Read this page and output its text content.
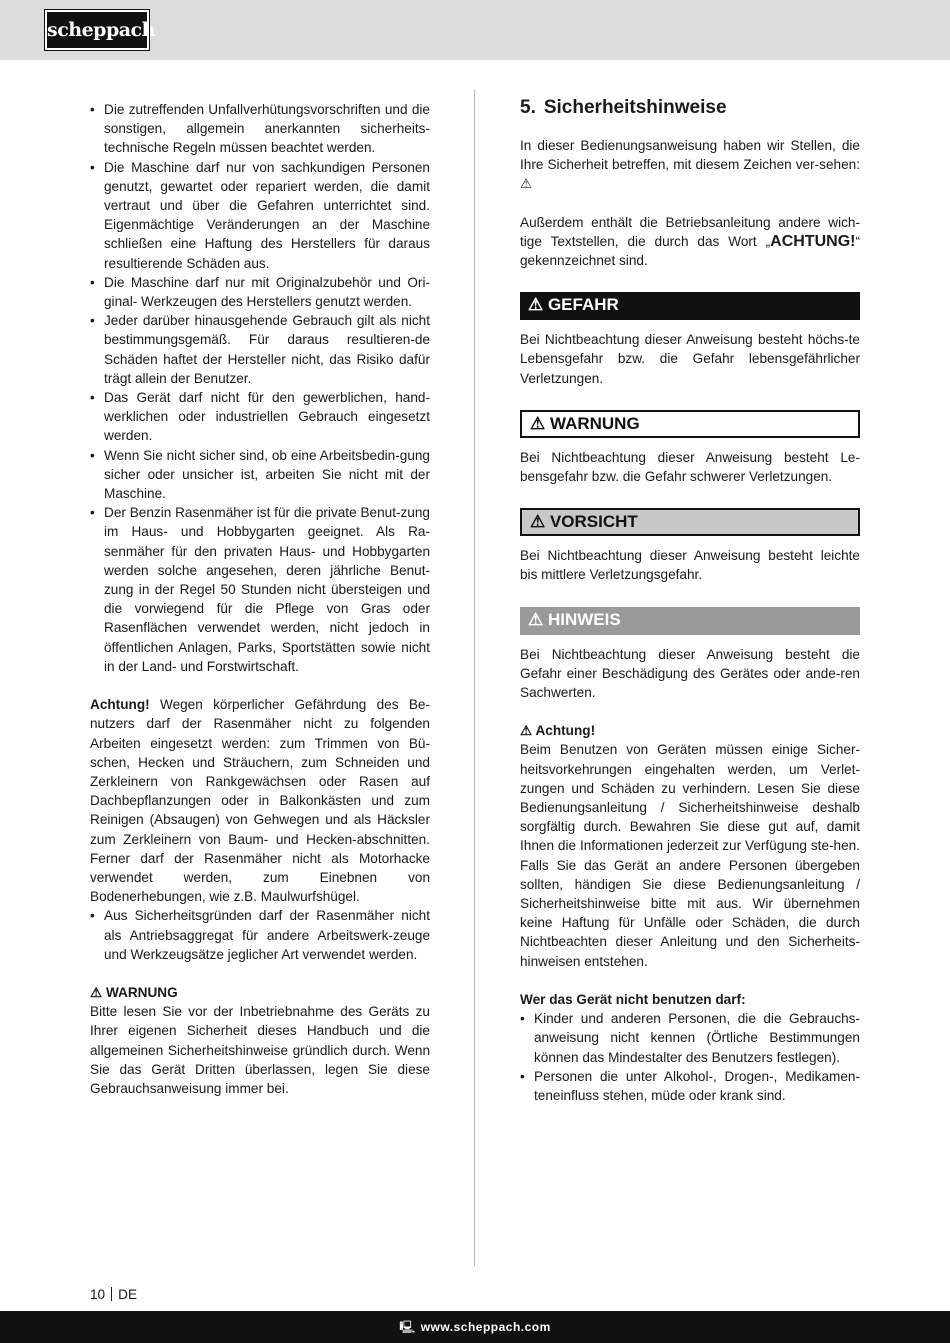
scheppach
• Die zutreffenden Unfallverhütungsvorschriften und die sonstigen, allgemein anerkannten sicherheits-technische Regeln müssen beachtet werden.
• Die Maschine darf nur von sachkundigen Personen genutzt, gewartet oder repariert werden, die damit vertraut und über die Gefahren unterrichtet sind. Eigenmächtige Veränderungen an der Maschine schließen eine Haftung des Herstellers für daraus resultierende Schäden aus.
• Die Maschine darf nur mit Originalzubehör und Ori-ginal- Werkzeugen des Herstellers genutzt werden.
• Jeder darüber hinausgehende Gebrauch gilt als nicht bestimmungsgemäß. Für daraus resultieren-de Schäden haftet der Hersteller nicht, das Risiko dafür trägt allein der Benutzer.
• Das Gerät darf nicht für den gewerblichen, hand-werklichen oder industriellen Gebrauch eingesetzt werden.
• Wenn Sie nicht sicher sind, ob eine Arbeitsbedin-gung sicher oder unsicher ist, arbeiten Sie nicht mit der Maschine.
• Der Benzin Rasenmäher ist für die private Benut-zung im Haus- und Hobbygarten geeignet. Als Ra-senmäher für den privaten Haus- und Hobbygarten werden solche angesehen, deren jährliche Benut-zung in der Regel 50 Stunden nicht übersteigen und die vorwiegend für die Pflege von Gras oder Rasenflächen verwendet werden, nicht jedoch in öffentlichen Anlagen, Parks, Sportstätten sowie nicht in der Land- und Forstwirtschaft.

Achtung! Wegen körperlicher Gefährdung des Be-nutzers darf der Rasenmäher nicht zu folgenden Arbeiten eingesetzt werden: zum Trimmen von Bü-schen, Hecken und Sträuchern, zum Schneiden und Zerkleinern von Rankgewächsen oder Rasen auf Dachbepflanzungen oder in Balkonkästen und zum Reinigen (Absaugen) von Gehwegen und als Häcksler zum Zerkleinern von Baum- und Hecken-abschnitten. Ferner darf der Rasenmäher nicht als Motorhacke verwendet werden, zum Einebnen von Bodenerhebungen, wie z.B. Maulwurfshügel.

• Aus Sicherheitsgründen darf der Rasenmäher nicht als Antriebsaggregat für andere Arbeitswerk-zeuge und Werkzeugsätze jeglicher Art verwendet werden.

⚠ WARNUNG

Bitte lesen Sie vor der Inbetriebnahme des Geräts zu Ihrer eigenen Sicherheit dieses Handbuch und die allgemeinen Sicherheitshinweise gründlich durch. Wenn Sie das Gerät Dritten überlassen, legen Sie diese Gebrauchsanweisung immer bei.

5. Sicherheitshinweise

In dieser Bedienungsanweisung haben wir Stellen, die Ihre Sicherheit betreffen, mit diesem Zeichen ver-sehen: ⚠

Außerdem enthält die Betriebsanleitung andere wich-tige Textstellen, die durch das Wort „ACHTUNG!“ gekennzeichnet sind.

⚠ GEFAHR

Bei Nichtbeachtung dieser Anweisung besteht höchs-te Lebensgefahr bzw. die Gefahr lebensgefährlicher Verletzungen.

⚠ WARNUNG

Bei Nichtbeachtung dieser Anweisung besteht Le-bensgefahr bzw. die Gefahr schwerer Verletzungen.

⚠ VORSICHT

Bei Nichtbeachtung dieser Anweisung besteht leichte bis mittlere Verletzungsgefahr.

⚠ HINWEIS

Bei Nichtbeachtung dieser Anweisung besteht die Gefahr einer Beschädigung des Gerätes oder ande-ren Sachwerten.

⚠ Achtung!

Beim Benutzen von Geräten müssen einige Sicher-heitsvorkehrungen eingehalten werden, um Verlet-zungen und Schäden zu verhindern. Lesen Sie diese Bedienungsanleitung / Sicherheitshinweise deshalb sorgfältig durch. Bewahren Sie diese gut auf, damit Ihnen die Informationen jederzeit zur Verfügung ste-hen. Falls Sie das Gerät an andere Personen übergeben sollten, händigen Sie diese Bedienungsanleitung / Sicherheitshinweise bitte mit aus. Wir übernehmen keine Haftung für Unfälle oder Schäden, die durch Nichtbeachten dieser Anleitung und den Sicherheits-hinweisen entstehen.

Wer das Gerät nicht benutzen darf:

• Kinder und anderen Personen, die die Gebrauchs-anweisung nicht kennen (Örtliche Bestimmungen können das Mindestalter des Benutzers festlegen).
• Personen die unter Alkohol-, Drogen-, Medikamen-teneinfluss stehen, müde oder krank sind.
10 DE
🖳 www.scheppach.com
